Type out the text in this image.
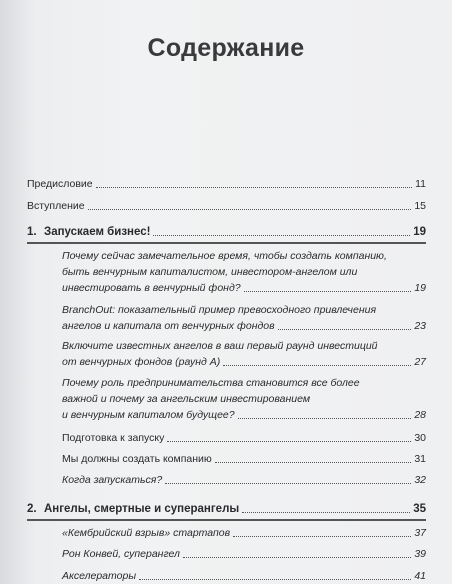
Содержание
Предисловие	11
Вступление	15
1. Запускаем бизнес!	19
Почему сейчас замечательное время, чтобы создать компанию,
быть венчурным капиталистом, инвестором-ангелом или
инвестировать в венчурный фонд?	19
BranchOut: показательный пример превосходного привлечения
ангелов и капитала от венчурных фондов	23
Включите известных ангелов в ваш первый раунд инвестиций
от венчурных фондов (раунд А)	27
Почему роль предпринимательства становится все более
важной и почему за ангельским инвестированием
и венчурным капиталом будущее?	28
Подготовка к запуску	30
Мы должны создать компанию	31
Когда запускаться?	32
2. Ангелы, смертные и суперангелы	35
«Кембрийский взрыв» стартапов	37
Рон Конвей, суперангел	39
Акселераторы	41
